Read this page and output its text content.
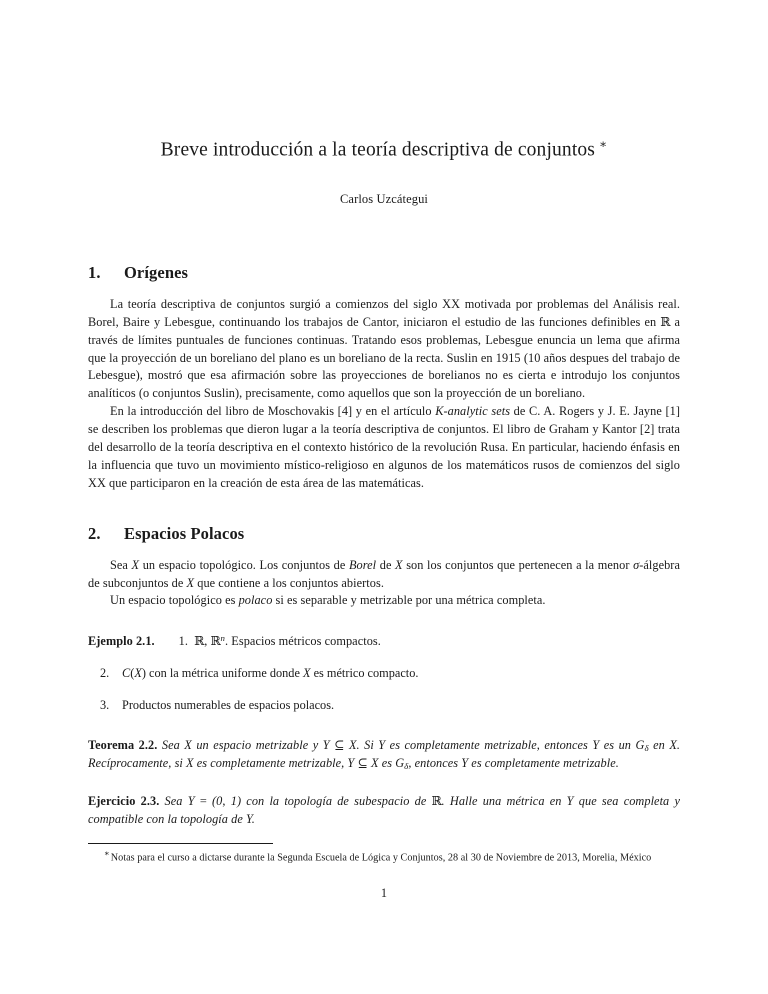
Breve introducción a la teoría descriptiva de conjuntos ∗

Carlos Uzcátegui

1. Orígenes

La teoría descriptiva de conjuntos surgió a comienzos del siglo XX motivada por problemas del Análisis real. Borel, Baire y Lebesgue, continuando los trabajos de Cantor, iniciaron el estudio de las funciones definibles en ℝ a través de límites puntuales de funciones continuas. Tratando esos problemas, Lebesgue enuncia un lema que afirma que la proyección de un boreliano del plano es un boreliano de la recta. Suslin en 1915 (10 años despues del trabajo de Lebesgue), mostró que esa afirmación sobre las proyecciones de borelianos no es cierta e introdujo los conjuntos analíticos (o conjuntos Suslin), precisamente, como aquellos que son la proyección de un boreliano.

En la introducción del libro de Moschovakis [4] y en el artículo K-analytic sets de C. A. Rogers y J. E. Jayne [1] se describen los problemas que dieron lugar a la teoría descriptiva de conjuntos. El libro de Graham y Kantor [2] trata del desarrollo de la teoría descriptiva en el contexto histórico de la revolución Rusa. En particular, haciendo énfasis en la influencia que tuvo un movimiento místico-religioso en algunos de los matemáticos rusos de comienzos del siglo XX que participaron en la creación de esta área de las matemáticas.

2. Espacios Polacos

Sea X un espacio topológico. Los conjuntos de Borel de X son los conjuntos que pertenecen a la menor σ-álgebra de subconjuntos de X que contiene a los conjuntos abiertos.

Un espacio topológico es polaco si es separable y metrizable por una métrica completa.

Ejemplo 2.1. 1.  ℝ, ℝ$^n$. Espacios métricos compactos.
2. C(X) con la métrica uniforme donde X es métrico compacto.
3. Productos numerables de espacios polacos.
Teorema 2.2. Sea X un espacio metrizable y Y ⊆ X. Si Y es completamente metrizable, entonces Y es un $G_\delta$ en X. Recíprocamente, si X es completamente metrizable, Y ⊆ X es $G_\delta$, entonces Y es completamente metrizable.
Ejercicio 2.3. Sea Y = (0, 1) con la topología de subespacio de ℝ. Halle una métrica en Y que sea completa y compatible con la topología de Y.

∗Notas para el curso a dictarse durante la Segunda Escuela de Lógica y Conjuntos, 28 al 30 de Noviembre de 2013, Morelia, México

1
